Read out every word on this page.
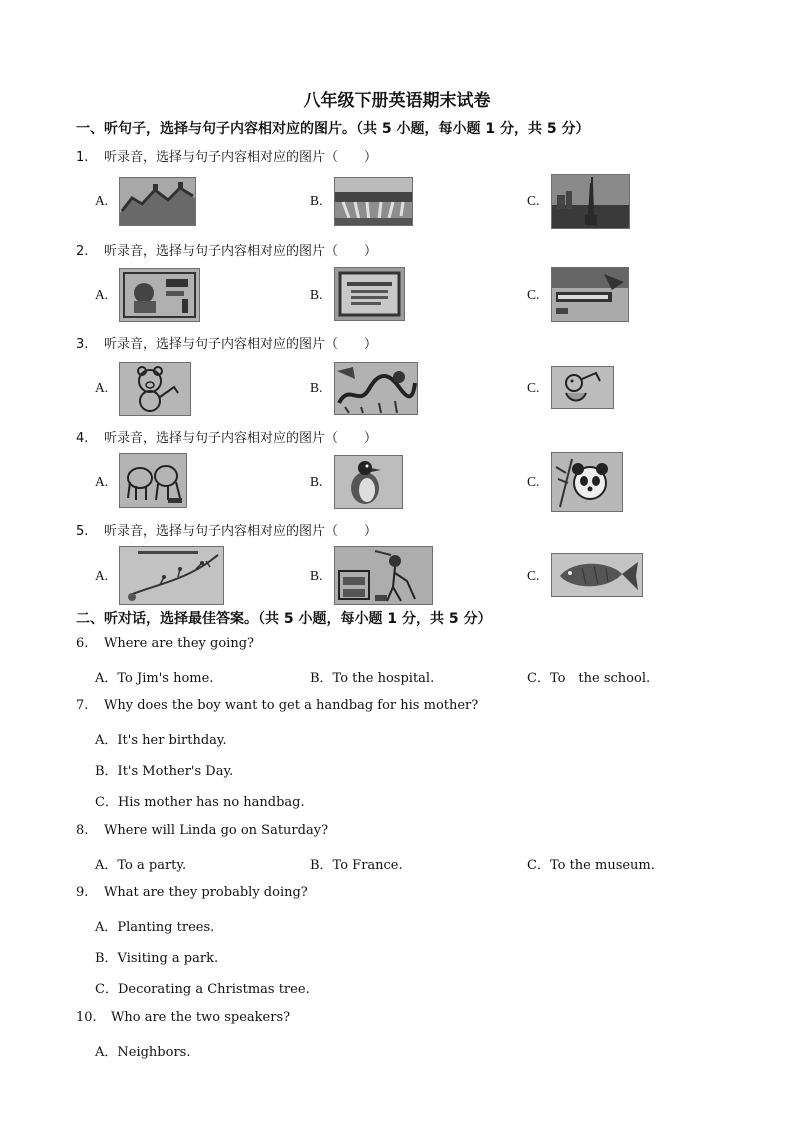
八年级下册英语期末试卷
一、听句子，选择与句子内容相对应的图片。（共 5 小题，每小题 1 分，共 5 分）
1. 听录音，选择与句子内容相对应的图片（　　）
A.	B.	C.
2. 听录音，选择与句子内容相对应的图片（　　）
A.	B.	C.
3. 听录音，选择与句子内容相对应的图片（　　）
A.	B.	C.
4. 听录音，选择与句子内容相对应的图片（　　）
A.	B.	C.
5. 听录音，选择与句子内容相对应的图片（　　）
A.	B.	C.
二、听对话，选择最佳答案。（共 5 小题，每小题 1 分，共 5 分）
6. Where are they going?
A．To Jim's home.	B．To the hospital.	C．To　the school.
7. Why does the boy want to get a handbag for his mother?
A．It's her birthday.
B．It's Mother's Day.
C．His mother has no handbag.
8. Where will Linda go on Saturday?
A．To a party.	B．To France.	C．To the museum.
9. What are they probably doing?
A．Planting trees.
B．Visiting a park.
C．Decorating a Christmas tree.
10. Who are the two speakers?
A．Neighbors.
